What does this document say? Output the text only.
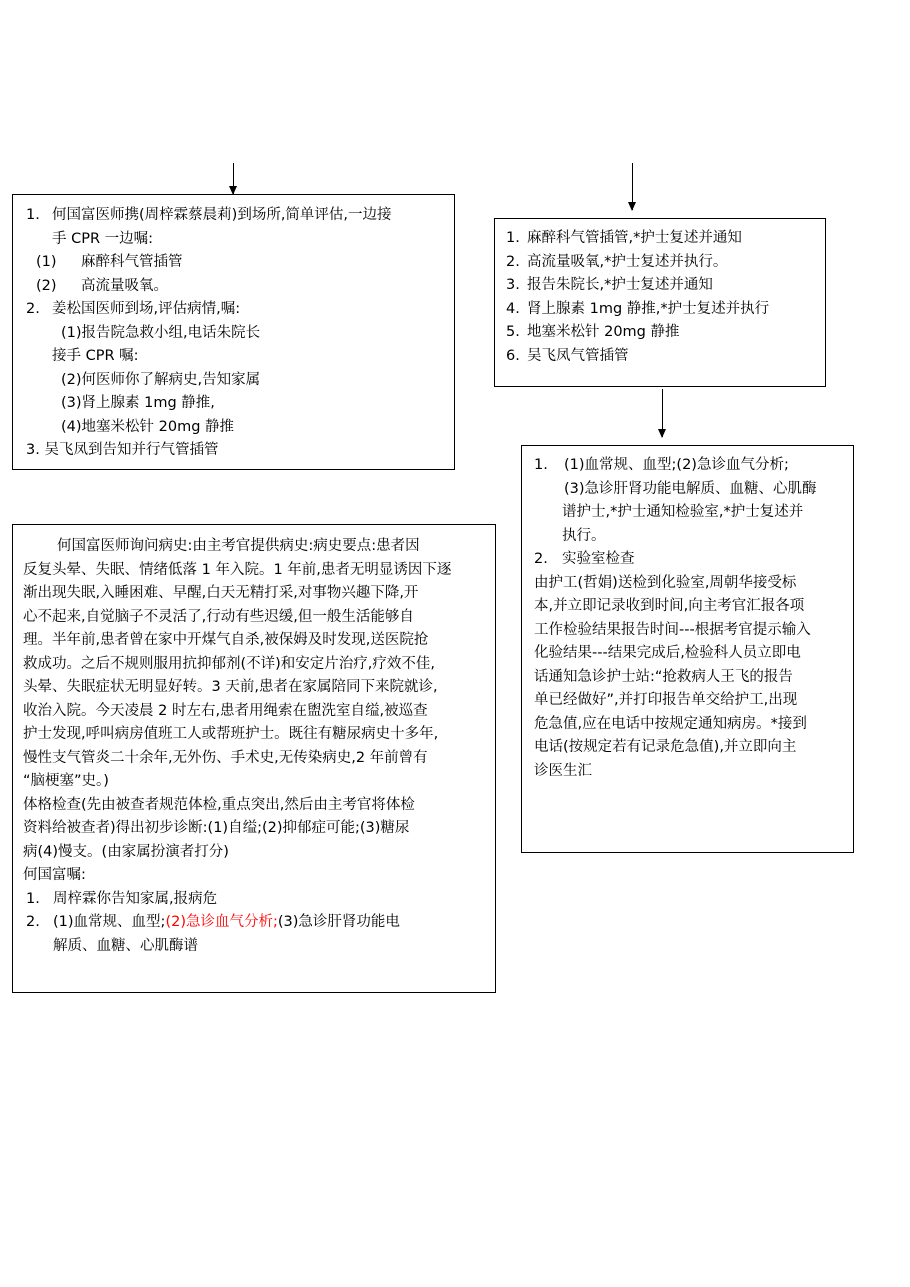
1. 何国富医师携(周梓霖蔡晨莉)到场所,简单评估,一边接
手 CPR 一边嘱:
(1) 麻醉科气管插管
(2) 高流量吸氧。
2. 姜松国医师到场,评估病情,嘱:
(1)报告院急救小组,电话朱院长
接手 CPR 嘱:
(2)何医师你了解病史,告知家属
(3)肾上腺素 1mg 静推,
(4)地塞米松针 20mg 静推
3. 吴飞凤到告知并行气管插管
1. 麻醉科气管插管,*护士复述并通知
2. 高流量吸氧,*护士复述并执行。
3. 报告朱院长,*护士复述并通知
4. 肾上腺素 1mg 静推,*护士复述并执行
5. 地塞米松针 20mg 静推
6. 吴飞凤气管插管
何国富医师询问病史:由主考官提供病史:病史要点:患者因
反复头晕、失眠、情绪低落 1 年入院。1 年前,患者无明显诱因下逐
渐出现失眠,入睡困难、早醒,白天无精打采,对事物兴趣下降,开
心不起来,自觉脑子不灵活了,行动有些迟缓,但一般生活能够自
理。半年前,患者曾在家中开煤气自杀,被保姆及时发现,送医院抢
救成功。之后不规则服用抗抑郁剂(不详)和安定片治疗,疗效不佳,
头晕、失眠症状无明显好转。3 天前,患者在家属陪同下来院就诊,
收治入院。今天凌晨 2 时左右,患者用绳索在盥洗室自缢,被巡查
护士发现,呼叫病房值班工人或帮班护士。既往有糖尿病史十多年,
慢性支气管炎二十余年,无外伤、手术史,无传染病史,2 年前曾有
“脑梗塞”史。)
体格检查(先由被查者规范体检,重点突出,然后由主考官将体检
资料给被查者)得出初步诊断:(1)自缢;(2)抑郁症可能;(3)糖尿
病(4)慢支。(由家属扮演者打分)
何国富嘱:
1. 周梓霖你告知家属,报病危
2. (1)血常规、血型;(2)急诊血气分析;(3)急诊肝肾功能电
解质、血糖、心肌酶谱
1. (1)血常规、血型;(2)急诊血气分析;
(3)急诊肝肾功能电解质、血糖、心肌酶
谱护士,*护士通知检验室,*护士复述并
执行。
2. 实验室检查
由护工(哲娟)送检到化验室,周朝华接受标
本,并立即记录收到时间,向主考官汇报各项
工作检验结果报告时间---根据考官提示输入
化验结果---结果完成后,检验科人员立即电
话通知急诊护士站:“抢救病人王飞的报告
单已经做好”,并打印报告单交给护工,出现
危急值,应在电话中按规定通知病房。*接到
电话(按规定若有记录危急值),并立即向主
诊医生汇
